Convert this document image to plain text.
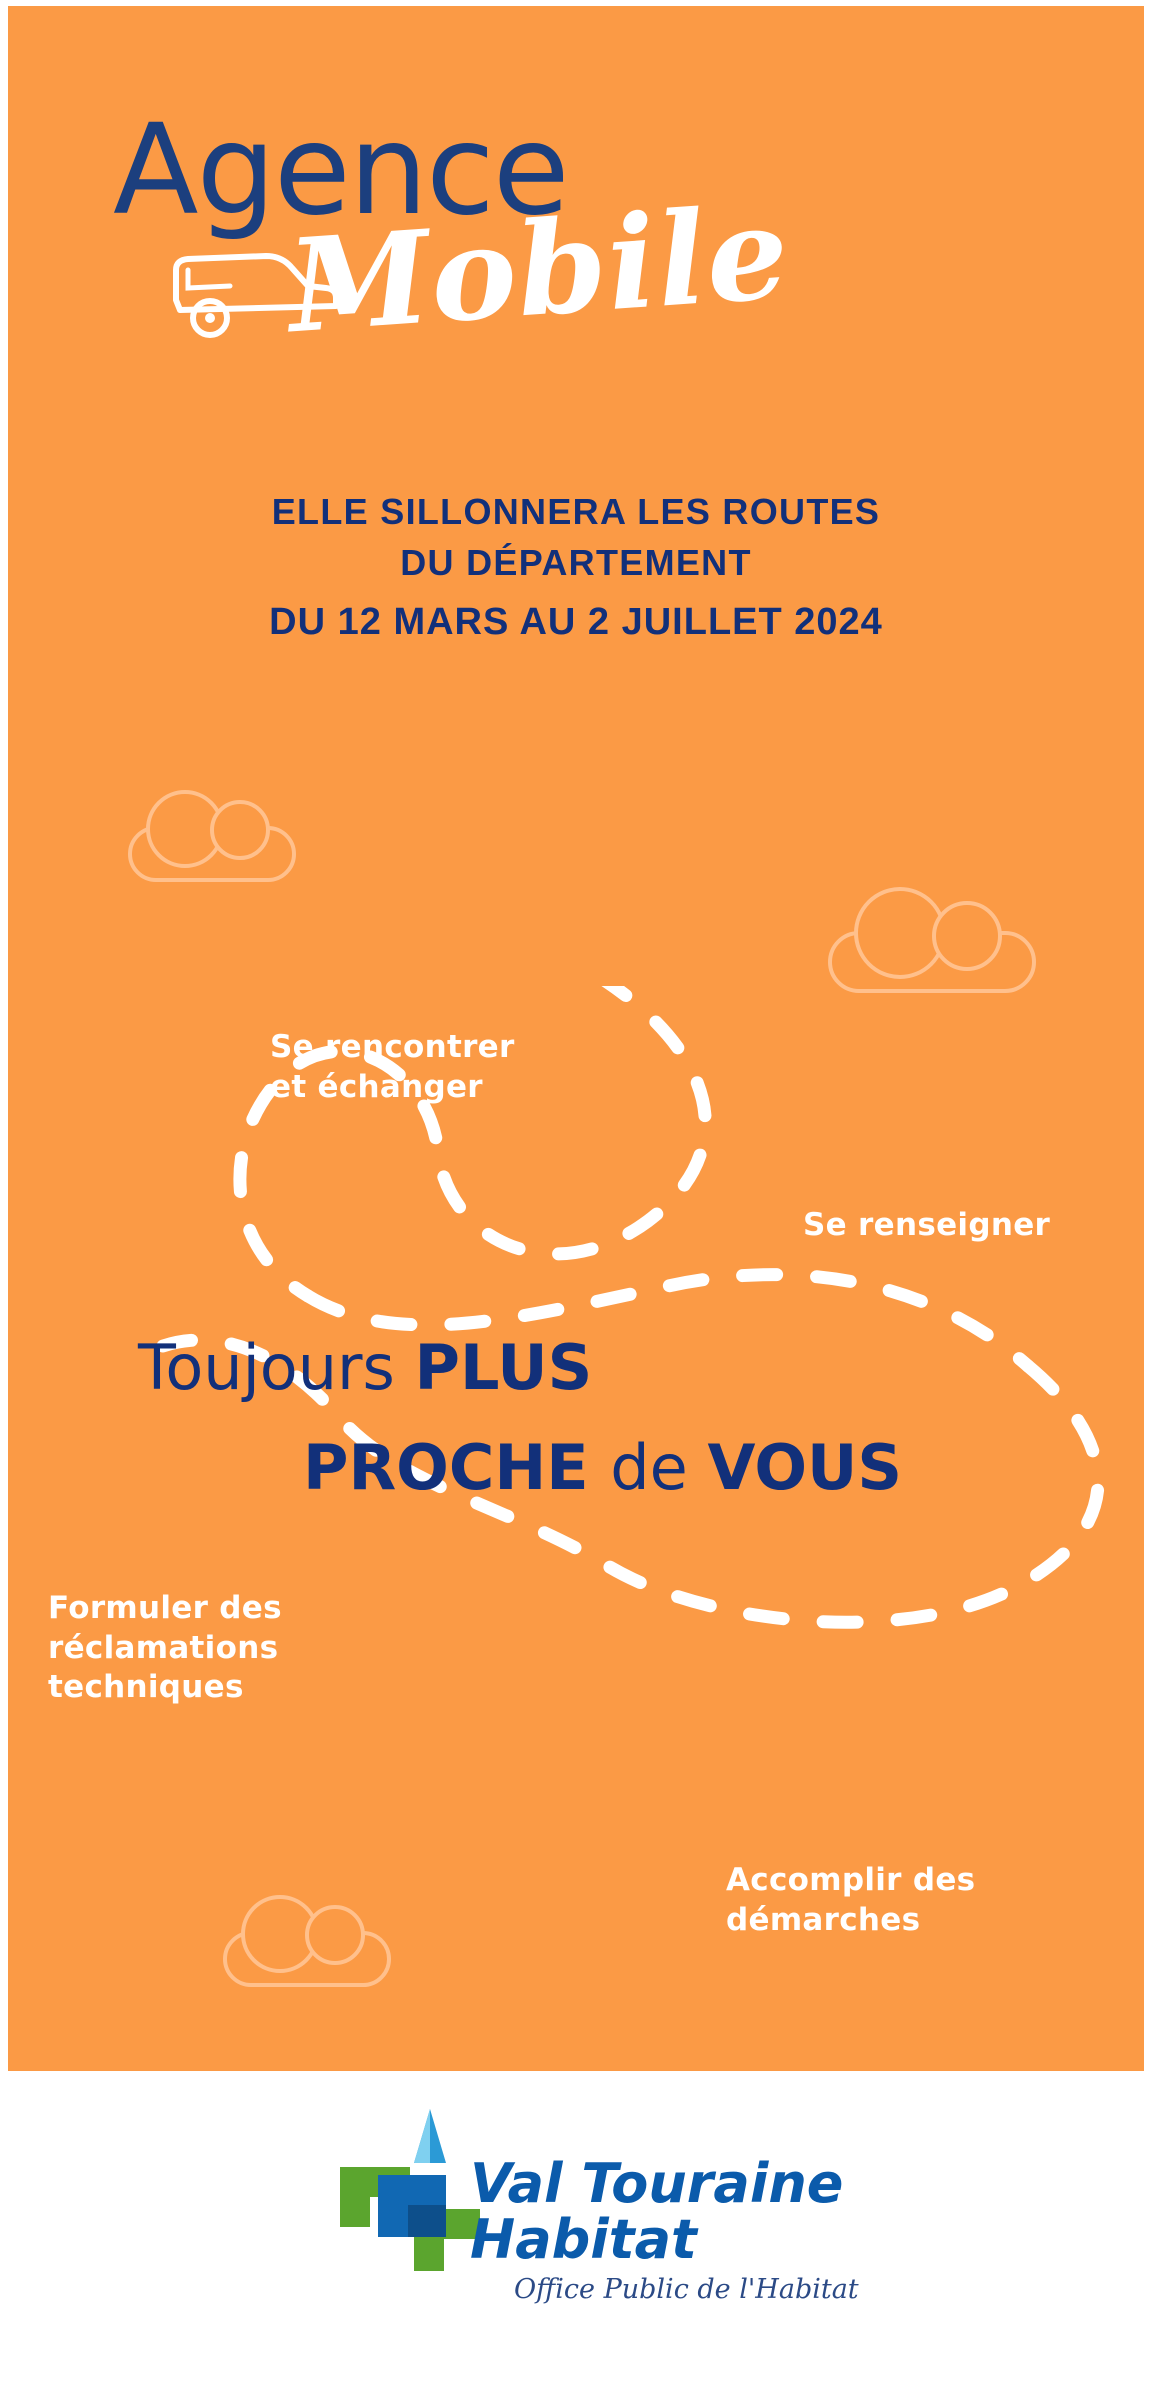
Agence
Mobile
ELLE SILLONNERA LES ROUTES
DU DÉPARTEMENT
DU 12 MARS AU 2 JUILLET 2024
Se rencontrer
et échanger
Se renseigner
Formuler des
réclamations
techniques
Accomplir des
démarches
Toujours PLUS
PROCHE de VOUS
Val Touraine
Habitat
Office Public de l'Habitat
